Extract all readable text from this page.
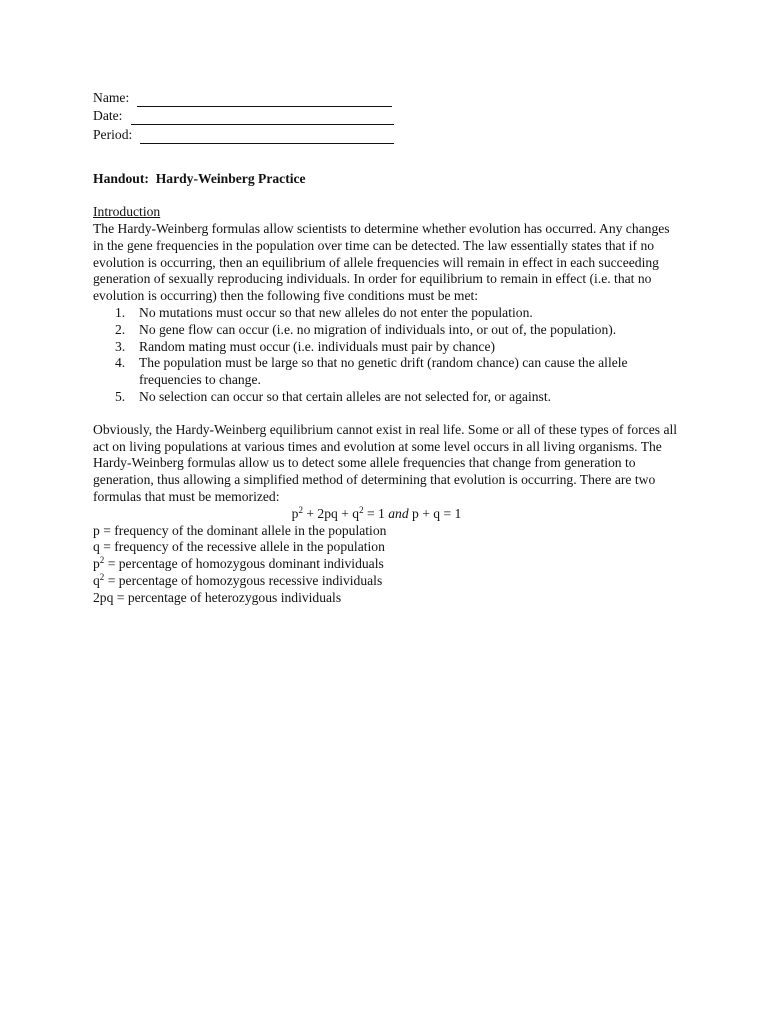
Name:
Date:
Period:
Handout:  Hardy-Weinberg Practice
Introduction

The Hardy-Weinberg formulas allow scientists to determine whether evolution has occurred. Any changes in the gene frequencies in the population over time can be detected. The law essentially states that if no evolution is occurring, then an equilibrium of allele frequencies will remain in effect in each succeeding generation of sexually reproducing individuals. In order for equilibrium to remain in effect (i.e. that no evolution is occurring) then the following five conditions must be met:

1. No mutations must occur so that new alleles do not enter the population.
2. No gene flow can occur (i.e. no migration of individuals into, or out of, the population).
3. Random mating must occur (i.e. individuals must pair by chance)
4. The population must be large so that no genetic drift (random chance) can cause the allele frequencies to change.
5. No selection can occur so that certain alleles are not selected for, or against.

Obviously, the Hardy-Weinberg equilibrium cannot exist in real life. Some or all of these types of forces all act on living populations at various times and evolution at some level occurs in all living organisms. The Hardy-Weinberg formulas allow us to detect some allele frequencies that change from generation to generation, thus allowing a simplified method of determining that evolution is occurring. There are two formulas that must be memorized:

$p^2 + 2pq + q^2 = 1$ and p + q = 1
p = frequency of the dominant allele in the population
q = frequency of the recessive allele in the population
$p^2$ = percentage of homozygous dominant individuals
$q^2$ = percentage of homozygous recessive individuals
2pq = percentage of heterozygous individuals
